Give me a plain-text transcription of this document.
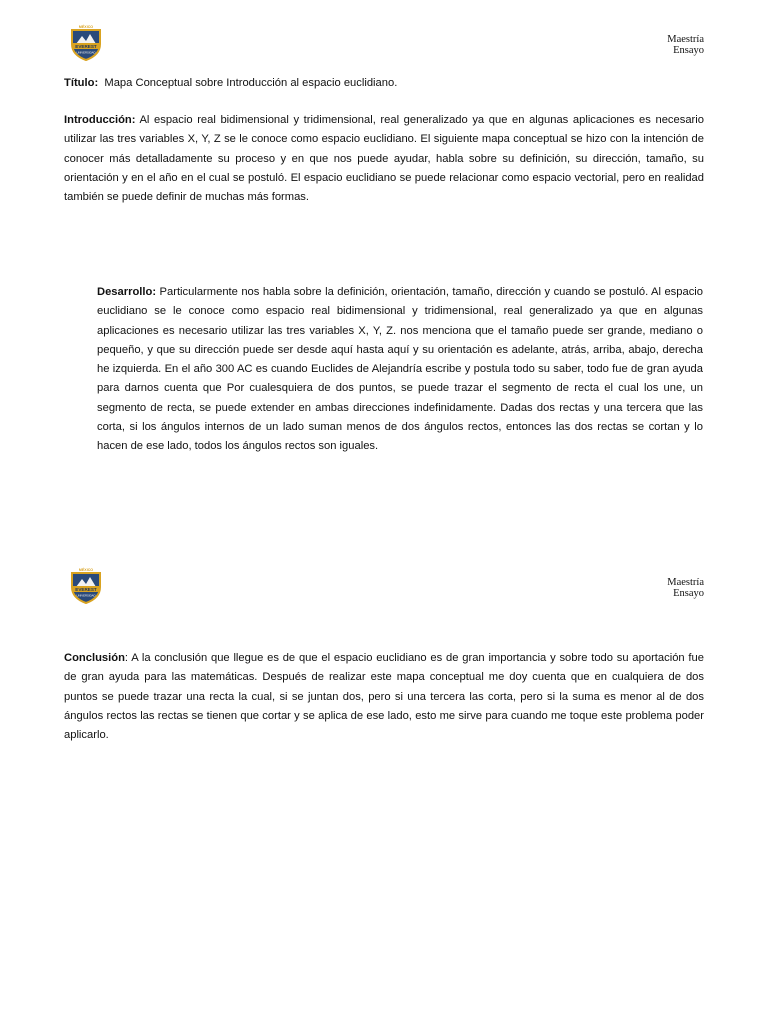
EVEREST
MÉXICO
UNIVERSIDAD
Maestría
Ensayo

Título: Mapa Conceptual sobre Introducción al espacio euclidiano.

Introducción: Al espacio real bidimensional y tridimensional, real generalizado ya que en algunas aplicaciones es necesario utilizar las tres variables X, Y, Z se le conoce como espacio euclidiano. El siguiente mapa conceptual se hizo con la intención de conocer más detalladamente su proceso y en que nos puede ayudar, habla sobre su definición, su dirección, tamaño, su orientación y en el año en el cual se postuló. El espacio euclidiano se puede relacionar como espacio vectorial, pero en realidad también se puede definir de muchas más formas.

Desarrollo: Particularmente nos habla sobre la definición, orientación, tamaño, dirección y cuando se postuló. Al espacio euclidiano se le conoce como espacio real bidimensional y tridimensional, real generalizado ya que en algunas aplicaciones es necesario utilizar las tres variables X, Y, Z. nos menciona que el tamaño puede ser grande, mediano o pequeño, y que su dirección puede ser desde aquí hasta aquí y su orientación es adelante, atrás, arriba, abajo, derecha he izquierda. En el año 300 AC es cuando Euclides de Alejandría escribe y postula todo su saber, todo fue de gran ayuda para darnos cuenta que Por cualesquiera de dos puntos, se puede trazar el segmento de recta el cual los une, un segmento de recta, se puede extender en ambas direcciones indefinidamente. Dadas dos rectas y una tercera que las corta, si los ángulos internos de un lado suman menos de dos ángulos rectos, entonces las dos rectas se cortan y lo hacen de ese lado, todos los ángulos rectos son iguales.

EVEREST
MÉXICO
UNIVERSIDAD
Maestría
Ensayo

Conclusión: A la conclusión que llegue es de que el espacio euclidiano es de gran importancia y sobre todo su aportación fue de gran ayuda para las matemáticas. Después de realizar este mapa conceptual me doy cuenta que en cualquiera de dos puntos se puede trazar una recta la cual, si se juntan dos, pero si una tercera las corta, pero si la suma es menor al de dos ángulos rectos las rectas se tienen que cortar y se aplica de ese lado, esto me sirve para cuando me toque este problema poder aplicarlo.
